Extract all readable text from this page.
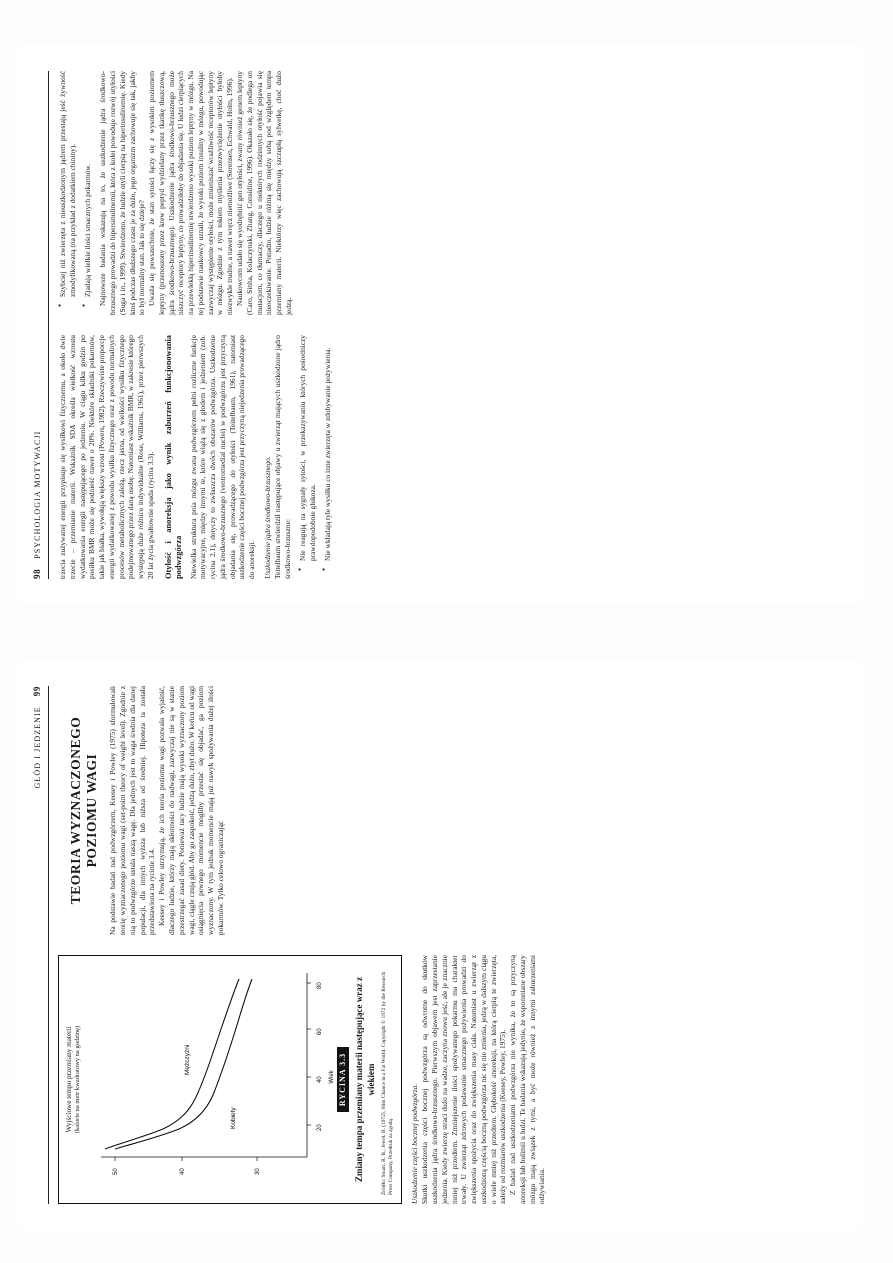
98
PSYCHOLOGIA MOTYWACJI trzecia zużywanej energii przypisuje się wysiłkowi fizycznemu, a około dwie trzecie – przemianie materii. Wskaźnik SDA określa wielkość wzrostu wydatkowania energii następującego po jedzeniu. W ciągu kilku godzin po posiłku BMR może się podnieść nawet o 20%. Niektóre składniki pokarmów, takie jak białka, wywołują większy wzrost (Powers, 1982). Rzeczywiste proporcje energii wydatkowanej z powodu wysiłku fizycznego oraz z powodu normalnych procesów metabolicznych zależą, rzecz jasna, od wielkości wysiłku fizycznego podejmowanego przez daną osobę. Natomiast wskaźnik BMR, w zakresie którego występują duże różnice indywidualne (Rose, Williams, 1961), przez pierwszych 20 lat życia gwałtownie spada (rycina 3.3). Otyłość i anoreksja jako wynik zaburzeń funkcjonowania podwzgórza Niewielka struktura pnia mózgu zwana podwzgórzem pełni rozliczne funkcje motywacyjne, między innymi te, które wiążą się z głodem i jedzeniem (zob. rycina 2.1), dotyczy to zwłaszcza dwóch obszarów podwzgórza. Uszkodzenie jądra środkowo-brzusznego (ventromedial nuclei) w podwzgórzu jest przyczyną objadania się, prowadzącego do otyłości (Teitelbaum, 1961), natomiast uszkodzenie części bocznej podwzgórza jest przyczyną niejedzenia prowadzącego do anoreksji. Uszkodzenie jądra środkowo-brzusznego. Teitelbaum stwierdził następujące objawy u zwierząt mających uszkodzone jądro środkowo-brzuszne: ● Nie reagują na sygnały sytości, w przekazywaniu których pośredniczy prawdopodobnie glukoza. ● Nie wkładają tyle wysiłku co inne zwierzęta w zdobywanie pożywienia.
● Szybciej niż zwierzęta z nieuszkodzonym jądrem przestają jeść żywność zmodyfikowaną (na przykład z dodatkiem chininy). ● Zjadają wielkie ilości smacznych pokarmów. Najnowsze badania wskazują na to, że uszkodzenie jądra środkowo-brzusznego prowadzi do hipersinulinemii, która z kolei powoduje rozwój otyłości (Suga i in., 1999). Stwierdzono, że ludzie otyli cierpią na hiperinsulinemię. Kiedy ktoś podczas dłuższego czasu je za dużo, jego organizm zachowuje się tak, jakby to był normalny stan. Jak to się dzieje? Uważa się powszechnie, że stan sytości łączy się z wysokim poziomem leptyny (przenoszony przez krew peptyd wydzielany przez tkankę tłuszczową, jądra środkowo-brzusznego). Uszkodzenie jądra środkowo-brzusznego może niszczyć receptory leptyny, co prowadziłoby do objadania się. U ludzi cierpiących na przewlekłą hiperinsulinemię stwierdzono wysoki poziom leptyny w mózgu. Na tej podstawie naukowcy uznali, że wysoki poziom insuliny w mózgu, powodując zazwyczaj występienie otyłości, może zmieniszać wrażliwość receptorów leptyny w mózgu. Zgodnie z tym tokiem myślenia przezwyciężenie otyłości byłoby niezwykle trudne, a nawet wręcz niemożliwe (Sorensen, Echwald, Holm, 1996). Naukowcom udało się wyodrębnić gen otyłości, zwany również genem leptyny (Caro, Sinha, Kolaczynski, Zhang, Considine, 1996). Okazało się, że podlega on mutacjom, co tłumaczy, dlaczego u niektórych rodzinnych otyłość pojawia się nieoczekiwanie. Ponadto, ludzie różnią się między sobą pod względem tempa przemiany materii. Niektórzy więc zachowują szczupłą sylwetkę, choć dużo jedzą.

GŁÓD I JEDZENIE
99
Wyjściowe tempo przemiany materii (kalorie na metr kwadratowy na godzinę)
50	40	30
20
40
60
80
Wiek
Mężczyźni
Kobiety
RYCINA 3.3 Zmiany tempa przemiany materii następujące wraz z wiekiem Źródło: Stuart, R. B., Jewel, B. (1972), Slim Chance in a Fat World. Copyright © 1972 by the Research Press Company, Przedruk za zgodą. Uszkodzenie części bocznej podwzgórza. Skutki uszkodzenia części bocznej podwzgórza są odwrotne do skutków uszkodzenia jądra środkowo-brzusznego. Pierwszym objawem jest zaprzestanie jedzenia. Kiedy zwierzę straci dużo na wadze, zaczyna znowu jeść, ale je znacznie mniej niż przedtem. Zmniejszenie ilości spożywanego pokarmu ma charakter trwały. U zwierząt zdrowych podawanie smacznego pożywienia prowadzi do zwiększenia spożycia oraz do zwiększenia masy ciała. Natomiast u zwierząt z uszkodzoną częścią boczną podwzgórza nic się nie zmienia, jedzą w dalszym ciągu o wiele mniej niż przedtem. Głębokość anoreksji, na którą cierpią te zwierzęta, zależy od rozmiarów uszkodzenia (Keesey, Powley, 1975). Z badań nad uszkodzeniami podwzgórza nie wynika, że to są przyczyną anoreksji lub bulimii u ludzi. Te badania wskazują jedynie, że wspomniane obszary mózgu mają związek z tymi, a być może również z innymi zaburzeniami odżywiania.

TEORIA WYZNACZONEGO POZIOMU WAGI Na podstawie badań nad podwzgórzem, Keesey i Powley (1975) sformułowali teorię wyznaczonego poziomu wagi (set-point theory of weight level). Zgodnie z nią to podwzgórze ustala naszą wagę. Dla jednych jest to waga średnia dla danej populacji, dla innych wyższa lub niższa od średniej. Hipoteza ta została przedstawiona na rycinie 3.4. Keesey i Powley utrzymują, że ich teoria poziomu wagi pozwala wyjaśnić, dlaczego ludzie, którzy mają skłonności do nadwagi, zazwyczaj nie są w stanie przestrzegać zasad diety. Ponieważ tacy ludzie mają wysoki wyznaczony poziom wagi, ciągle czują głód. Aby go zaspokoić, jedzą dużo, zbyt dużo. W końcu od wagi osiągnięcia pewnego momencie mogliby przestać się objadać, ga poziom wyznaczony. W tym jednak momencie mają już nawyk spożywania dużej ilości pokarmów. Tylko celowo ograniczając
